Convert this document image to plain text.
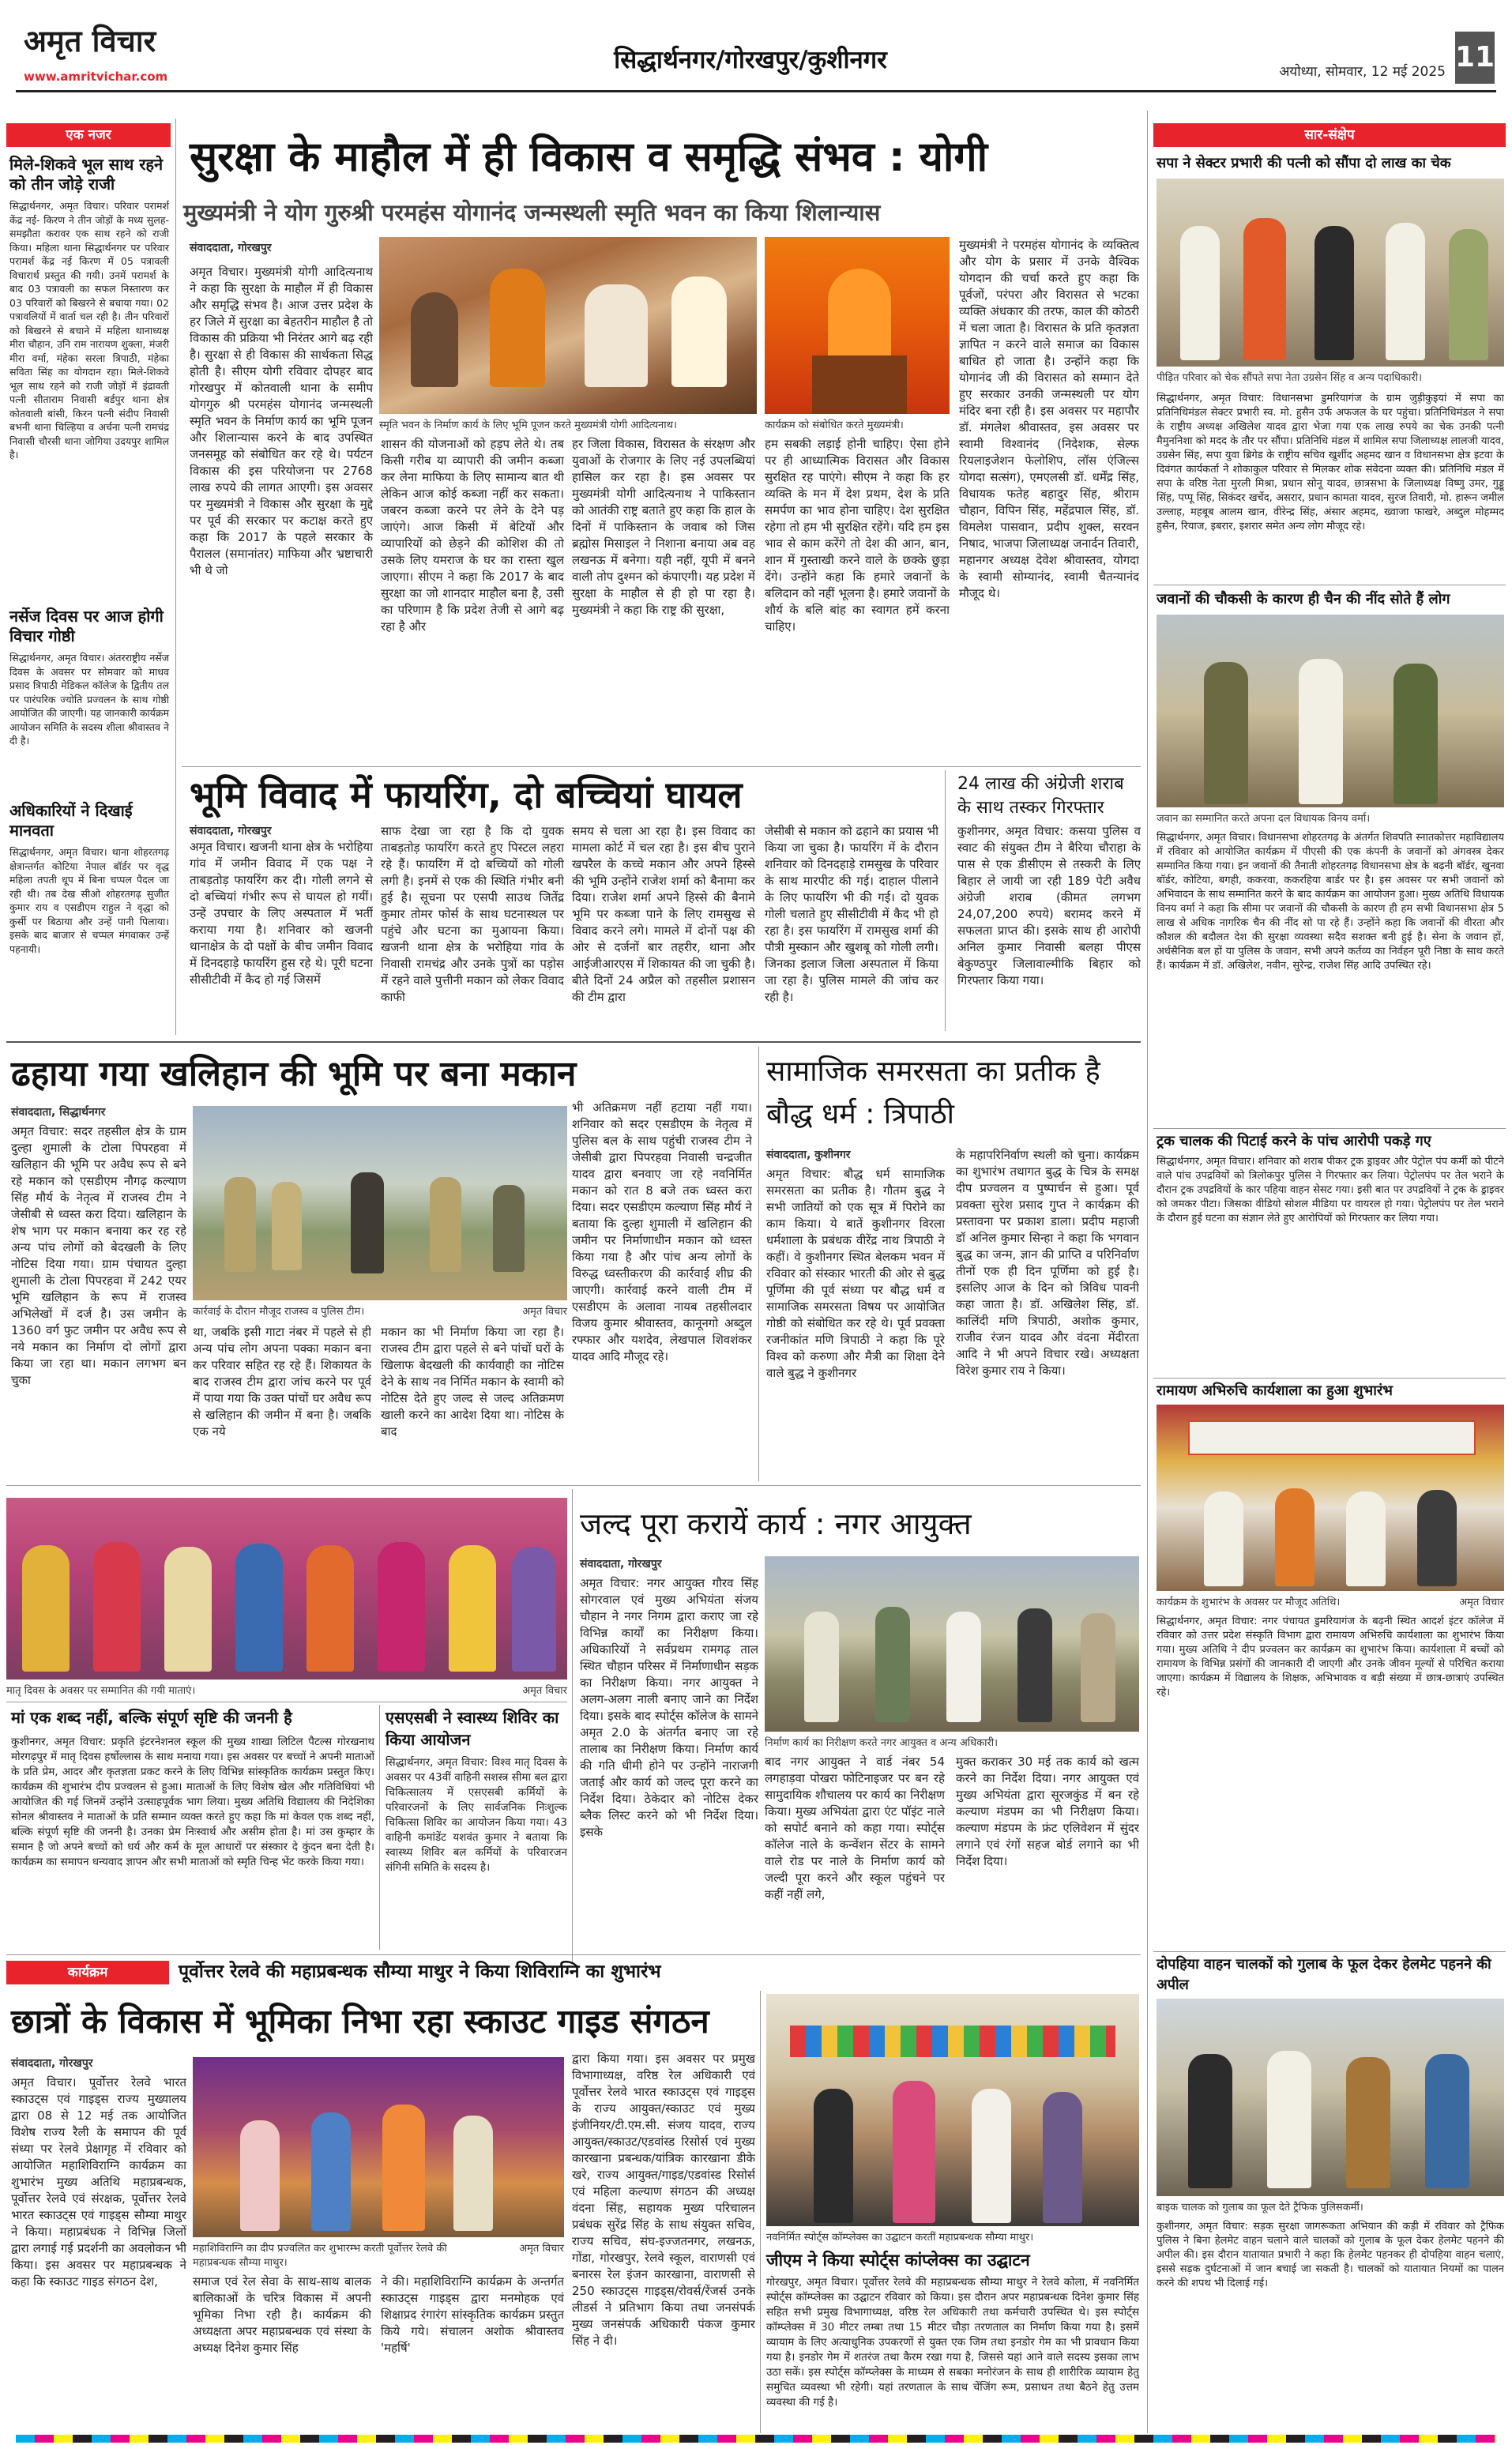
अमृत विचार
www.amritvichar.com
सिद्धार्थनगर/गोरखपुर/कुशीनगर	अयोध्या, सोमवार, 12 मई 2025 11
एक नजर
मिले-शिकवे भूल साथ रहने को तीन जोड़े राजी
सिद्धार्थनगर, अमृत विचार। परिवार परामर्श केंद्र नई- किरण ने तीन जोड़ों के मध्य सुलह-समझौता करावर एक साथ रहने को राजी किया। महिला थाना सिद्धार्थनगर पर परिवार परामर्श केंद्र नई किरण में 05 पत्रावली विचारार्थ प्रस्तुत की गयी। उनमें परामर्श के बाद 03 पत्रावली का सफल निस्तारण कर 03 परिवारों को बिखरने से बचाया गया। 02 पत्रावलियों में वार्ता चल रही है। तीन परिवारों को बिखरने से बचाने में महिला थानाध्यक्ष मीरा चौहान, उनि राम नारायण शुक्ला, मंजरी मीरा वर्मा, मंहेका सरला त्रिपाठी, मंहेका सविता सिंह का योगदान रहा। मिले-शिकवे भूल साथ रहने को राजी जोड़ों में इंद्रावती पत्नी सीताराम निवासी बर्डपुर थाना क्षेत्र कोतवाली बांसी, किरन पत्नी संदीप निवासी बभनी थाना चिल्हिया व अर्चना पत्नी रामचंद्र निवासी चौरसी थाना जोगिया उदयपुर शामिल है।
नर्सेज दिवस पर आज होगी विचार गोष्ठी
सिद्धार्थनगर, अमृत विचार। अंतरराष्ट्रीय नर्सेज दिवस के अवसर पर सोमवार को माधव प्रसाद त्रिपाठी मेडिकल कॉलेज के द्वितीय तल पर पारंपरिक ज्योति प्रज्वलन के साथ गोष्ठी आयोजित की जाएगी। यह जानकारी कार्यक्रम आयोजन समिति के सदस्य शीला श्रीवास्तव ने दी है।
अधिकारियों ने दिखाई मानवता
सिद्धार्थनगर, अमृत विचार। थाना शोहरतगढ़ क्षेत्रान्तर्गत कोटिया नेपाल बॉर्डर पर वृद्ध महिला तपती धूप में बिना चप्पल पैदल जा रही थी। तब देख सीओ शोहरतगढ़ सुजीत कुमार राय व एसडीएम राहुल ने वृद्धा को कुर्सी पर बिठाया और उन्हें पानी पिलाया। इसके बाद बाजार से चप्पल मंगवाकर उन्हें पहनायी।
सुरक्षा के माहौल में ही विकास व समृद्धि संभव : योगी
मुख्यमंत्री ने योग गुरुश्री परमहंस योगानंद जन्मस्थली स्मृति भवन का किया शिलान्यास
संवाददाता, गोरखपुर
स्मृति भवन के निर्माण कार्य के लिए भूमि पूजन करते मुख्यमंत्री योगी आदित्यनाथ।	कार्यक्रम को संबोधित करते मुख्यमंत्री।
अमृत विचार। मुख्यमंत्री योगी आदित्यनाथ ने कहा कि सुरक्षा के माहौल में ही विकास और समृद्धि संभव है। आज उत्तर प्रदेश के हर जिले में सुरक्षा का बेहतरीन माहौल है तो विकास की प्रक्रिया भी निरंतर आगे बढ़ रही है। सुरक्षा से ही विकास की सार्थकता सिद्ध होती है। सीएम योगी रविवार दोपहर बाद गोरखपुर में कोतवाली थाना के समीप योगगुरु श्री परमहंस योगानंद जन्मस्थली स्मृति भवन के निर्माण कार्य का भूमि पूजन और शिलान्यास करने के बाद उपस्थित जनसमूह को संबोधित कर रहे थे। पर्यटन विकास की इस परियोजना पर 2768 लाख रुपये की लागत आएगी। इस अवसर पर मुख्यमंत्री ने विकास और सुरक्षा के मुद्दे पर पूर्व की सरकार पर कटाक्ष करते हुए कहा कि 2017 के पहले सरकार के पैरालल (समानांतर) माफिया और भ्रष्टाचारी भी थे जो
शासन की योजनाओं को हड़प लेते थे। तब किसी गरीब या व्यापारी की जमीन कब्जा कर लेना माफिया के लिए सामान्य बात थी लेकिन आज कोई कब्जा नहीं कर सकता। जबरन कब्जा करने पर लेने के देने पड़ जाएंगे। आज किसी में बेटियों और व्यापारियों को छेड़ने की कोशिश की तो उसके लिए यमराज के घर का रास्ता खुल जाएगा। सीएम ने कहा कि 2017 के बाद सुरक्षा का जो शानदार माहौल बना है, उसी का परिणाम है कि प्रदेश तेजी से आगे बढ़ रहा है और
हर जिला विकास, विरासत के संरक्षण और युवाओं के रोजगार के लिए नई उपलब्धियां हासिल कर रहा है। इस अवसर पर मुख्यमंत्री योगी आदित्यनाथ ने पाकिस्तान को आतंकी राष्ट्र बताते हुए कहा कि हाल के दिनों में पाकिस्तान के जवाब को जिस ब्रह्मोस मिसाइल ने निशाना बनाया अब वह लखनऊ में बनेगा। यही नहीं, यूपी में बनने वाली तोप दुश्मन को कंपाएगी। यह प्रदेश में सुरक्षा के माहौल से ही हो पा रहा है। मुख्यमंत्री ने कहा कि राष्ट्र की सुरक्षा,
हम सबकी लड़ाई होनी चाहिए। ऐसा होने पर ही आध्यात्मिक विरासत और विकास सुरक्षित रह पाएंगे। सीएम ने कहा कि हर व्यक्ति के मन में देश प्रथम, देश के प्रति समर्पण का भाव होना चाहिए। देश सुरक्षित रहेगा तो हम भी सुरक्षित रहेंगे। यदि हम इस भाव से काम करेंगे तो देश की आन, बान, शान में गुस्ताखी करने वाले के छक्के छुड़ा देंगे। उन्होंने कहा कि हमारे जवानों के बलिदान को नहीं भूलना है। हमारे जवानों के शौर्य के बलि बांह का स्वागत हमें करना चाहिए।
मुख्यमंत्री ने परमहंस योगानंद के व्यक्तित्व और योग के प्रसार में उनके वैश्विक योगदान की चर्चा करते हुए कहा कि पूर्वजों, परंपरा और विरासत से भटका व्यक्ति अंधकार की तरफ, काल की कोठरी में चला जाता है। विरासत के प्रति कृतज्ञता ज्ञापित न करने वाले समाज का विकास बाधित हो जाता है। उन्होंने कहा कि योगानंद जी की विरासत को सम्मान देते हुए सरकार उनकी जन्मस्थली पर योग मंदिर बना रही है। इस अवसर पर महापौर डॉ. मंगलेश श्रीवास्तव, इस अवसर पर स्वामी विश्वानंद (निदेशक, सेल्फ रियलाइजेशन फेलोशिप, लॉस एंजिल्स योगदा सत्संग), एमएलसी डॉ. धर्मेंद्र सिंह, विधायक फतेह बहादुर सिंह, श्रीराम चौहान, विपिन सिंह, महेंद्रपाल सिंह, डॉ. विमलेश पासवान, प्रदीप शुक्ल, सरवन निषाद, भाजपा जिलाध्यक्ष जनार्दन तिवारी, महानगर अध्यक्ष देवेश श्रीवास्तव, योगदा के स्वामी सोम्यानंद, स्वामी चैतन्यानंद मौजूद थे।
भूमि विवाद में फायरिंग, दो बच्चियां घायल
संवाददाता, गोरखपुर
अमृत विचार। खजनी थाना क्षेत्र के भरोहिया गांव में जमीन विवाद में एक पक्ष ने ताबड़तोड़ फायरिंग कर दी। गोली लगने से दो बच्चियां गंभीर रूप से घायल हो गयीं। उन्हें उपचार के लिए अस्पताल में भर्ती कराया गया है। शनिवार को खजनी थानाक्षेत्र के दो पक्षों के बीच जमीन विवाद में दिनदहाड़े फायरिंग हुस रहे थे। पूरी घटना सीसीटीवी में कैद हो गई जिसमें
साफ देखा जा रहा है कि दो युवक ताबड़तोड़ फायरिंग करते हुए पिस्टल लहरा रहे हैं। फायरिंग में दो बच्चियों को गोली लगी है। इनमें से एक की स्थिति गंभीर बनी हुई है। सूचना पर एसपी साउथ जितेंद्र कुमार तोमर फोर्स के साथ घटनास्थल पर पहुंचे और घटना का मुआयना किया। खजनी थाना क्षेत्र के भरोहिया गांव के निवासी रामचंद्र और उनके पुत्रों का पड़ोस में रहने वाले पुत्तीनी मकान को लेकर विवाद काफी
समय से चला आ रहा है। इस विवाद का मामला कोर्ट में चल रहा है। इस बीच पुराने खपरैल के कच्चे मकान और अपने हिस्से की भूमि उन्होंने राजेश शर्मा को बैनामा कर दिया। राजेश शर्मा अपने हिस्से की बैनामे भूमि पर कब्जा पाने के लिए रामसुख से विवाद करने लगे। मामले में दोनों पक्ष की ओर से दर्जनों बार तहरीर, थाना और आईजीआरएस में शिकायत की जा चुकी है। बीते दिनों 24 अप्रैल को तहसील प्रशासन की टीम द्वारा
जेसीबी से मकान को ढहाने का प्रयास भी किया जा चुका है। फायरिंग में के दौरान शनिवार को दिनदहाड़े रामसुख के परिवार के साथ मारपीट की गई। दाहाल पीलाने के लिए फायरिंग भी की गई। दो युवक गोली चलाते हुए सीसीटीवी में कैद भी हो रहा है। इस फायरिंग में रामसुख शर्मा की पौत्री मुस्कान और खुशबू को गोली लगी। जिनका इलाज जिला अस्पताल में किया जा रहा है। पुलिस मामले की जांच कर रही है।
24 लाख की अंग्रेजी शराब के साथ तस्कर गिरफ्तार
कुशीनगर, अमृत विचार: कसया पुलिस व स्वाट की संयुक्त टीम ने बैरिया चौराहा के पास से एक डीसीएम से तस्करी के लिए बिहार ले जायी जा रही 189 पेटी अवैध अंग्रेजी शराब (कीमत लगभग 24,07,200 रुपये) बरामद करने में सफलता प्राप्त की। इसके साथ ही आरोपी अनिल कुमार निवासी बलहा पीएस बेकुण्ठपुर जिलावाल्मीकि बिहार को गिरफ्तार किया गया।
ढहाया गया खलिहान की भूमि पर बना मकान
संवाददाता, सिद्धार्थनगर
अमृत विचार: सदर तहसील क्षेत्र के ग्राम दुल्हा शुमाली के टोला पिपरहवा में खलिहान की भूमि पर अवैध रूप से बने रहे मकान को एसडीएम नौगढ़ कल्याण सिंह मौर्य के नेतृत्व में राजस्व टीम ने जेसीबी से ध्वस्त करा दिया। खलिहान के शेष भाग पर मकान बनाया कर रह रहे अन्य पांच लोगों को बेदखली के लिए नोटिस दिया गया। ग्राम पंचायत दुल्हा शुमाली के टोला पिपरहवा में 242 एयर भूमि खलिहान के रूप में राजस्व अभिलेखों में दर्ज है। उस जमीन के 1360 वर्ग फुट जमीन पर अवैध रूप से नये मकान का निर्माण दो लोगों द्वारा किया जा रहा था। मकान लगभग बन चुका
कार्रवाई के दौरान मौजूद राजस्व व पुलिस टीम।	अमृत विचार
था, जबकि इसी गाटा नंबर में पहले से ही अन्य पांच लोग अपना पक्का मकान बना कर परिवार सहित रह रहे हैं। शिकायत के बाद राजस्व टीम द्वारा जांच करने पर पूर्व में पाया गया कि उक्त पांचों घर अवैध रूप से खलिहान की जमीन में बना है। जबकि एक नये
मकान का भी निर्माण किया जा रहा है। राजस्व टीम द्वारा पहले से बने पांचों घरों के खिलाफ बेदखली की कार्यवाही का नोटिस देने के साथ नव निर्मित मकान के स्वामी को नोटिस देते हुए जल्द से जल्द अतिक्रमण खाली करने का आदेश दिया था। नोटिस के बाद
भी अतिक्रमण नहीं हटाया नहीं गया। शनिवार को सदर एसडीएम के नेतृत्व में पुलिस बल के साथ पहुंची राजस्व टीम ने जेसीबी द्वारा पिपरहवा निवासी चन्द्रजीत यादव द्वारा बनवाए जा रहे नवनिर्मित मकान को रात 8 बजे तक ध्वस्त करा दिया। सदर एसडीएम कल्याण सिंह मौर्य ने बताया कि दुल्हा शुमाली में खलिहान की जमीन पर निर्माणाधीन मकान को ध्वस्त किया गया है और पांच अन्य लोगों के विरुद्ध ध्वस्तीकरण की कार्रवाई शीघ्र की जाएगी। कार्रवाई करने वाली टीम में एसडीएम के अलावा नायब तहसीलदार विजय कुमार श्रीवास्तव, कानूनगो अब्दुल रफ्फार और यशदेव, लेखपाल शिवशंकर यादव आदि मौजूद रहे।
सामाजिक समरसता का प्रतीक है बौद्ध धर्म : त्रिपाठी
संवाददाता, कुशीनगर
अमृत विचार: बौद्ध धर्म सामाजिक समरसता का प्रतीक है। गौतम बुद्ध ने सभी जातियों को एक सूत्र में पिरोने का काम किया। ये बातें कुशीनगर विरला धर्मशाला के प्रबंधक वीरेंद्र नाथ त्रिपाठी ने कहीं। वे कुशीनगर स्थित बेलकम भवन में रविवार को संस्कार भारती की ओर से बुद्ध पूर्णिमा की पूर्व संध्या पर बौद्ध धर्म व सामाजिक समरसता विषय पर आयोजित गोष्ठी को संबोधित कर रहे थे। पूर्व प्रवक्ता रजनीकांत मणि त्रिपाठी ने कहा कि पूरे विश्व को करुणा और मैत्री का शिक्षा देने वाले बुद्ध ने कुशीनगर
के महापरिनिर्वाण स्थली को चुना। कार्यक्रम का शुभारंभ तथागत बुद्ध के चित्र के समक्ष दीप प्रज्वलन व पुष्पार्चन से हुआ। पूर्व प्रवक्ता सुरेश प्रसाद गुप्त ने कार्यक्रम की प्रस्तावना पर प्रकाश डाला। प्रदीप महाजी डॉ अनिल कुमार सिन्हा ने कहा कि भगवान बुद्ध का जन्म, ज्ञान की प्राप्ति व परिनिर्वाण तीनों एक ही दिन पूर्णिमा को हुई है। इसलिए आज के दिन को त्रिविध पावनी कहा जाता है। डॉ. अखिलेश सिंह, डॉ. कालिंदी मणि त्रिपाठी, अशोक कुमार, राजीव रंजन यादव और वंदना मेंदीरता आदि ने भी अपने विचार रखे। अध्यक्षता विरेश कुमार राय ने किया।
मातृ दिवस के अवसर पर सम्मानित की गयी माताएं।	अमृत विचार
जल्द पूरा करायें कार्य : नगर आयुक्त
संवाददाता, गोरखपुर
अमृत विचार: नगर आयुक्त गौरव सिंह सोगरवाल एवं मुख्य अभियंता संजय चौहान ने नगर निगम द्वारा कराए जा रहे विभिन्न कार्यों का निरीक्षण किया। अधिकारियों ने सर्वप्रथम रामगढ़ ताल स्थित चौहान परिसर में निर्माणाधीन सड़क का निरीक्षण किया। नगर आयुक्त ने अलग-अलग नाली बनाए जाने का निर्देश दिया। इसके बाद स्पोर्ट्स कॉलेज के सामने अमृत 2.0 के अंतर्गत बनाए जा रहे तालाब का निरीक्षण किया। निर्माण कार्य की गति धीमी होने पर उन्होंने नाराजगी जताई और कार्य को जल्द पूरा करने का निर्देश दिया। ठेकेदार को नोटिस देकर ब्लैक लिस्ट करने को भी निर्देश दिया। इसके
निर्माण कार्य का निरीक्षण करते नगर आयुक्त व अन्य अधिकारी।
बाद नगर आयुक्त ने वार्ड नंबर 54 लगहाड़वा पोखरा फोटिनाइजर पर बन रहे सामुदायिक शौचालय पर कार्य का निरीक्षण किया। मुख्य अभियंता द्वारा एंट पॉइंट नाले को सपोर्ट बनाने को कहा गया। स्पोर्ट्स कॉलेज नाले के कन्वेंशन सेंटर के सामने वाले रोड पर नाले के निर्माण कार्य को जल्दी पूरा करने और स्कूल पहुंचने पर कहीं नहीं लगे,
मुक्त कराकर 30 मई तक कार्य को खत्म करने का निर्देश दिया। नगर आयुक्त एवं मुख्य अभियंता द्वारा सूरजकुंड में बन रहे कल्याण मंडपम का भी निरीक्षण किया। कल्याण मंडपम के फ्रंट एलिवेशन में सुंदर लगाने एवं रंगों सहज बोर्ड लगाने का भी निर्देश दिया।
मां एक शब्द नहीं, बल्कि संपूर्ण सृष्टि की जननी है
कुशीनगर, अमृत विचार: प्रकृति इंटरनेशनल स्कूल की मुख्य शाखा लिटिल पैटल्स गोरखनाथ मोरगढ़पुर में मातृ दिवस हर्षोल्लास के साथ मनाया गया। इस अवसर पर बच्चों ने अपनी माताओं के प्रति प्रेम, आदर और कृतज्ञता प्रकट करने के लिए विभिन्न सांस्कृतिक कार्यक्रम प्रस्तुत किए। कार्यक्रम की शुभारंभ दीप प्रज्वलन से हुआ। माताओं के लिए विशेष खेल और गतिविधियां भी आयोजित की गई जिनमें उन्होंने उत्साहपूर्वक भाग लिया। मुख्य अतिथि विद्यालय की निदेशिका सोनल श्रीवास्तव ने माताओं के प्रति सम्मान व्यक्त करते हुए कहा कि मां केवल एक शब्द नहीं, बल्कि संपूर्ण सृष्टि की जननी है। उनका प्रेम निःस्वार्थ और असीम होता है। मां उस कुम्हार के समान है जो अपने बच्चों को धर्य और कर्म के मूल आधारों पर संस्कार दे कुंदन बना देती है। कार्यक्रम का समापन धन्यवाद ज्ञापन और सभी माताओं को स्मृति चिन्ह भेंट करके किया गया।
एसएसबी ने स्वास्थ्य शिविर का किया आयोजन
सिद्धार्थनगर, अमृत विचार: विश्व मातृ दिवस के अवसर पर 43वीं वाहिनी सशस्त्र सीमा बल द्वारा चिकित्सालय में एसएसबी कर्मियों के परिवारजनों के लिए सार्वजनिक निःशुल्क चिकित्सा शिविर का आयोजन किया गया। 43 वाहिनी कमांडेंट यशवंत कुमार ने बताया कि स्वास्थ्य शिविर बल कर्मियों के परिवारजन संगिनी समिति के सदस्य है।
कार्यक्रम	पूर्वोत्तर रेलवे की महाप्रबन्धक सौम्या माथुर ने किया शिविराग्नि का शुभारंभ
छात्रों के विकास में भूमिका निभा रहा स्काउट गाइड संगठन
संवाददाता, गोरखपुर
अमृत विचार। पूर्वोत्तर रेलवे भारत स्काउट्स एवं गाइड्स राज्य मुख्यालय द्वारा 08 से 12 मई तक आयोजित विशेष राज्य रैली के समापन की पूर्व संध्या पर रेलवे प्रेक्षागृह में रविवार को आयोजित महाशिविराग्नि कार्यक्रम का शुभारंभ मुख्य अतिथि महाप्रबन्धक, पूर्वोत्तर रेलवे एवं संरक्षक, पूर्वोत्तर रेलवे भारत स्काउट्स एवं गाइड्स सौम्या माथुर ने किया। महाप्रबंधक ने विभिन्न जिलों द्वारा लगाई गई प्रदर्शनी का अवलोकन भी किया। इस अवसर पर महाप्रबन्धक ने कहा कि स्काउट गाइड संगठन देश,
महाशिविराग्नि का दीप प्रज्वलित कर शुभारम्भ करती पूर्वोत्तर रेलवे की महाप्रबन्धक सौम्या माथुर।
अमृत विचार
समाज एवं रेल सेवा के साथ-साथ बालक बालिकाओं के चरित्र विकास में अपनी भूमिका निभा रही है। कार्यक्रम की अध्यक्षता अपर महाप्रबन्धक एवं संस्था के अध्यक्ष दिनेश कुमार सिंह
ने की। महाशिविराग्नि कार्यक्रम के अन्तर्गत स्काउट्स गाइड्स द्वारा मनमोहक एवं शिक्षाप्रद रंगारंग सांस्कृतिक कार्यक्रम प्रस्तुत किये गये। संचालन अशोक श्रीवास्तव 'महर्षि'
द्वारा किया गया। इस अवसर पर प्रमुख विभागाध्यक्ष, वरिष्ठ रेल अधिकारी एवं पूर्वोत्तर रेलवे भारत स्काउट्स एवं गाइड्स के राज्य आयुक्त/स्काउट एवं मुख्य इंजीनियर/टी.एम.सी. संजय यादव, राज्य आयुक्त/स्काउट/एडवांस्ड रिसोर्स एवं मुख्य कारखाना प्रबन्धक/यांत्रिक कारखाना डीके खरे, राज्य आयुक्त/गाइड/एडवांस्ड रिसोर्स एवं महिला कल्याण संगठन की अध्यक्ष वंदना सिंह, सहायक मुख्य परिचालन प्रबंधक सुरेंद्र सिंह के साथ संयुक्त सचिव, राज्य सचिव, संघ-इज्जतनगर, लखनऊ, गोंडा, गोरखपुर, रेलवे स्कूल, वाराणसी एवं बनारस रेल इंजन कारखाना, वाराणसी से 250 स्काउट्स गाइड्स/रोवर्स/रेंजर्स उनके लीडर्स ने प्रतिभाग किया तथा जनसंपर्क मुख्य जनसंपर्क अधिकारी पंकज कुमार सिंह ने दी।
नवनिर्मित स्पोर्ट्स कॉम्प्लेक्स का उद्घाटन करतीं महाप्रबन्धक सौम्या माथुर।
जीएम ने किया स्पोर्ट्स कांप्लेक्स का उद्घाटन
गोरखपुर, अमृत विचार। पूर्वोत्तर रेलवे की महाप्रबन्धक सौम्या माथुर ने रेलवे कोला, में नवनिर्मित स्पोर्ट्स कॉम्प्लेक्स का उद्घाटन रविवार को किया। इस दौरान अपर महाप्रबन्धक दिनेश कुमार सिंह सहित सभी प्रमुख विभागाध्यक्ष, वरिष्ठ रेल अधिकारी तथा कर्मचारी उपस्थित थे। इस स्पोर्ट्स कॉम्प्लेक्स में 30 मीटर लम्बा तथा 15 मीटर चौड़ा तरणताल का निर्माण किया गया है। इसमें व्यायाम के लिए अत्याधुनिक उपकरणों से युक्त एक जिम तथा इनडोर गेम का भी प्रावधान किया गया है। इनडोर गेम में शतरंज तथा कैरम रखा गया है, जिससे यहां आने वाले सदस्य इसका लाभ उठा सकें। इस स्पोर्ट्स कॉम्प्लेक्स के माध्यम से सबका मनोरंजन के साथ ही शारीरिक व्यायाम हेतु समुचित व्यवस्था भी रहेगी। यहां तरणताल के साथ चेंजिंग रूम, प्रसाधन तथा बैठने हेतु उत्तम व्यवस्था की गई है।
सार-संक्षेप
सपा ने सेक्टर प्रभारी की पत्नी को सौंपा दो लाख का चेक
पीड़ित परिवार को चेक सौंपते सपा नेता उग्रसेन सिंह व अन्य पदाधिकारी।
सिद्धार्थनगर, अमृत विचार: विधानसभा डुमरियागंज के ग्राम जुड़ीकुइयां में सपा का प्रतिनिधिमंडल सेक्टर प्रभारी स्व. मो. हुसैन उर्फ अफजल के घर पहुंचा। प्रतिनिधिमंडल ने सपा के राष्ट्रीय अध्यक्ष अखिलेश यादव द्वारा भेजा गया एक लाख रुपये का चेक उनकी पत्नी मैमुननिशा को मदद के तौर पर सौंपा। प्रतिनिधि मंडल में शामिल सपा जिलाध्यक्ष लालजी यादव, उग्रसेन सिंह, सपा युवा ब्रिगेड के राष्ट्रीय सचिव खुर्शीद अहमद खान व विधानसभा क्षेत्र इटवा के दिवंगत कार्यकर्ता ने शोकाकुल परिवार से मिलकर शोक संवेदना व्यक्त की। प्रतिनिधि मंडल में सपा के वरिष्ठ नेता मुरली मिश्रा, प्रधान सोनू यादव, छात्रसभा के जिलाध्यक्ष विष्णु उमर, गुड्डू सिंह, पप्पू सिंह, सिकंदर खर्चेद, असरार, प्रधान कामता यादव, सुरज तिवारी, मो. हारून जमील उल्लाह, महबूब आलम खान, वीरेन्द्र सिंह, अंसार अहमद, ख्वाजा फाखरे, अब्दुल मोहम्मद हुसैन, रियाज, इबरार, इशरार समेत अन्य लोग मौजूद रहे।
जवानों की चौकसी के कारण ही चैन की नींद सोते हैं लोग
जवान का सम्मानित करते अपना दल विधायक विनय वर्मा।
सिद्धार्थनगर, अमृत विचार। विधानसभा शोहरतगढ़ के अंतर्गत शिवपति स्नातकोत्तर महाविद्यालय में रविवार को आयोजित कार्यक्रम में पीएसी की एक कंपनी के जवानों को अंगवस्त्र देकर सम्मानित किया गया। इन जवानों की तैनाती शोहरतगढ़ विधानसभा क्षेत्र के बढ़नी बॉर्डर, खुनवा बॉर्डर, कोटिया, बगही, ककरवा, ककरहिया बार्डर पर है। इस अवसर पर सभी जवानों को अभिवादन के साथ सम्मानित करने के बाद कार्यक्रम का आयोजन हुआ। मुख्य अतिथि विधायक विनय वर्मा ने कहा कि सीमा पर जवानों की चौकसी के कारण ही हम सभी विधानसभा क्षेत्र 5 लाख से अधिक नागरिक चैन की नींद सो पा रहे हैं। उन्होंने कहा कि जवानों की वीरता और कौशल की बदौलत देश की सुरक्षा व्यवस्था सदैव सशक्त बनी हुई है। सेना के जवान हों, अर्धसैनिक बल हों या पुलिस के जवान, सभी अपने कर्तव्य का निर्वहन पूरी निष्ठा के साथ करते हैं। कार्यक्रम में डॉ. अखिलेश, नवीन, सुरेन्द्र, राजेश सिंह आदि उपस्थित रहे।
ट्रक चालक की पिटाई करने के पांच आरोपी पकड़े गए
सिद्धार्थनगर, अमृत विचार। शनिवार को शराब पीकर ट्रक ड्राइवर और पेट्रोल पंप कर्मी को पीटने वाले पांच उपद्रवियों को त्रिलोकपुर पुलिस ने गिरफ्तार कर लिया। पेट्रोलपंप पर तेल भराने के दौरान ट्रक उपद्रवियों के कार पहिया वाहन सेसट गया। इसी बात पर उपद्रवियों ने ट्रक के ड्राइवर को जमकर पीटा। जिसका वीडियो सोशल मीडिया पर वायरल हो गया। पेट्रोलपंप पर तेल भराने के दौरान हुई घटना का संज्ञान लेते हुए आरोपियों को गिरफ्तार कर लिया गया।
रामायण अभिरुचि कार्यशाला का हुआ शुभारंभ
कार्यक्रम के शुभारंभ के अवसर पर मौजूद अतिथि।	अमृत विचार
सिद्धार्थनगर, अमृत विचार: नगर पंचायत डुमरियागंज के बढ़नी स्थित आदर्श इंटर कॉलेज में रविवार को उत्तर प्रदेश संस्कृति विभाग द्वारा रामायण अभिरुचि कार्यशाला का शुभारंभ किया गया। मुख्य अतिथि ने दीप प्रज्वलन कर कार्यक्रम का शुभारंभ किया। कार्यशाला में बच्चों को रामायण के विभिन्न प्रसंगों की जानकारी दी जाएगी और उनके जीवन मूल्यों से परिचित कराया जाएगा। कार्यक्रम में विद्यालय के शिक्षक, अभिभावक व बड़ी संख्या में छात्र-छात्राएं उपस्थित रहे।
दोपहिया वाहन चालकों को गुलाब के फूल देकर हेलमेट पहनने की अपील
बाइक चालक को गुलाब का फूल देते ट्रैफिक पुलिसकर्मी।
कुशीनगर, अमृत विचार: सड़क सुरक्षा जागरूकता अभियान की कड़ी में रविवार को ट्रैफिक पुलिस ने बिना हेलमेट वाहन चलाने वाले चालकों को गुलाब के फूल देकर हेलमेट पहनने की अपील की। इस दौरान यातायात प्रभारी ने कहा कि हेलमेट पहनकर ही दोपहिया वाहन चलाएं, इससे सड़क दुर्घटनाओं में जान बचाई जा सकती है। चालकों को यातायात नियमों का पालन करने की शपथ भी दिलाई गई।
